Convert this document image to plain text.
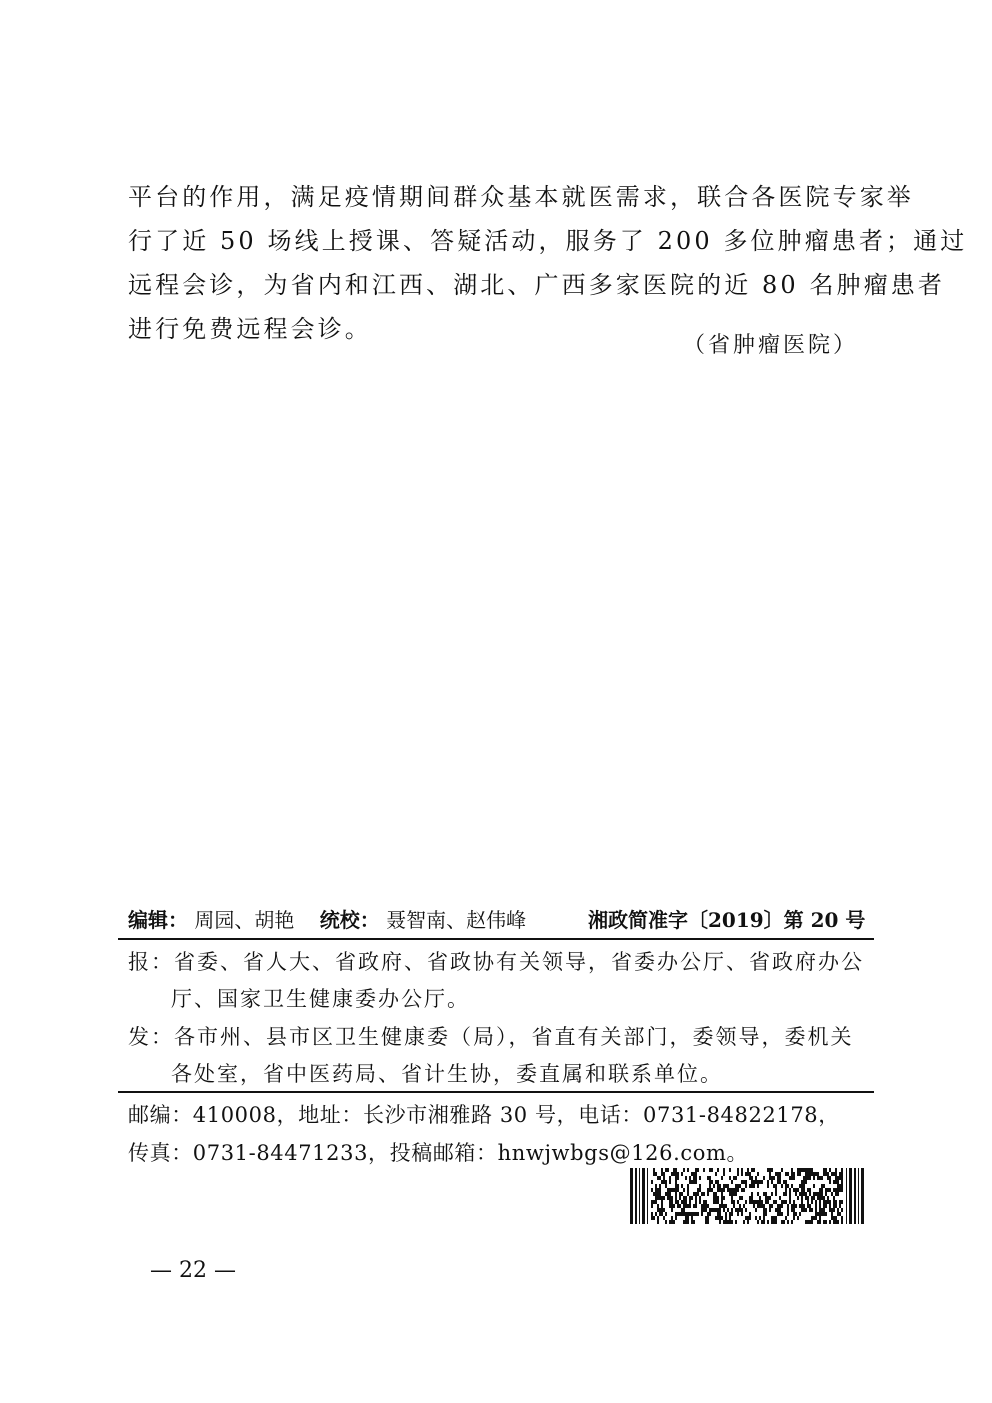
平台的作用，满足疫情期间群众基本就医需求，联合各医院专家举
行了近 50 场线上授课、答疑活动，服务了 200 多位肿瘤患者；通过
远程会诊，为省内和江西、湖北、广西多家医院的近 80 名肿瘤患者
进行免费远程会诊。
（省肿瘤医院）
编辑： 周园、胡艳 统校： 聂智南、赵伟峰	湘政简准字〔2019〕第 20 号
报：省委、省人大、省政府、省政协有关领导，省委办公厅、省政府办公
厅、国家卫生健康委办公厅。
发：各市州、县市区卫生健康委（局），省直有关部门，委领导，委机关
各处室，省中医药局、省计生协，委直属和联系单位。
邮编：410008，地址：长沙市湘雅路 30 号，电话：0731-84822178，
传真：0731-84471233，投稿邮箱：hnwjwbgs@126.com。
— 22 —
